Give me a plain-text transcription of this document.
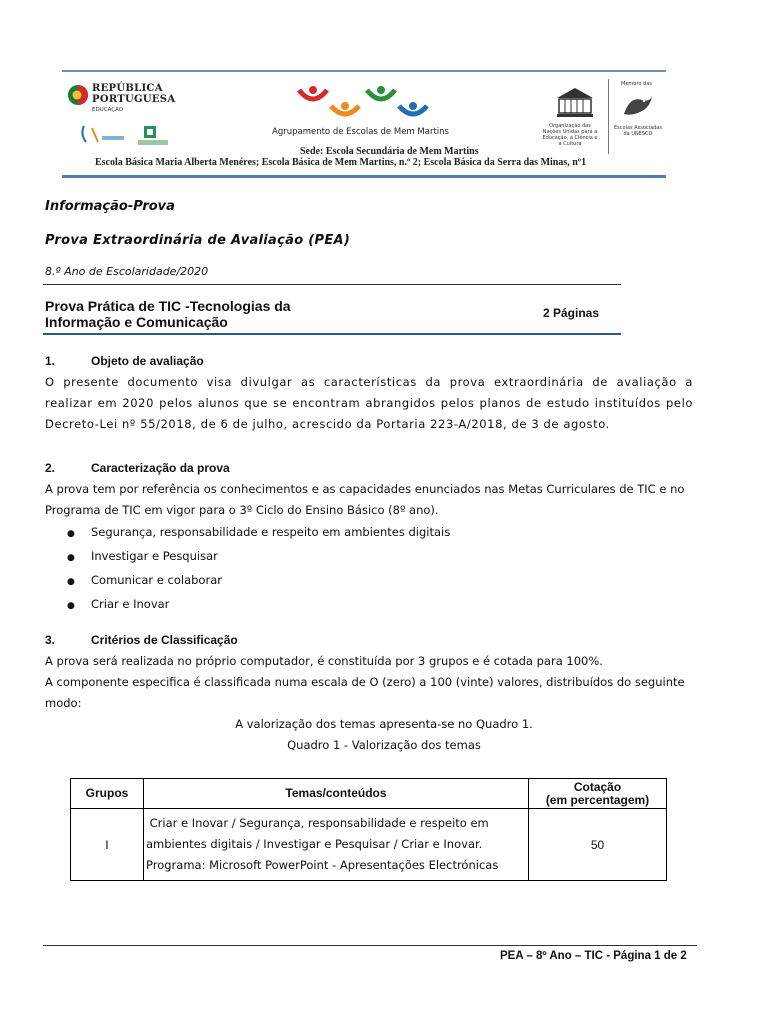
REPÚBLICA
PORTUGUESA
EDUCAÇÃO
Agrupamento de Escolas de Mem Martins
Sede: Escola Secundária de Mem Martins
Escola Básica Maria Alberta Menéres; Escola Básica de Mem Martins, n.º 2; Escola Básica da Serra das Minas, nº1
Organização das Nações Unidas para a Educação, a Ciência e a Cultura
Membro das
Escolas Associadas da UNESCO
Informação-Prova
Prova Extraordinária de Avaliação (PEA)
8.º Ano de Escolaridade/2020
Prova Prática de TIC -Tecnologias da Informação e Comunicação
2 Páginas
1.	Objeto de avaliação
O presente documento visa divulgar as características da prova extraordinária de avaliação a
realizar em 2020 pelos alunos que se encontram abrangidos pelos planos de estudo instituídos pelo
Decreto-Lei nº 55/2018, de 6 de julho, acrescido da Portaria 223-A/2018, de 3 de agosto.
2.	Caracterização da prova
A prova tem por referência os conhecimentos e as capacidades enunciados nas Metas Curriculares de TIC e no
Programa de TIC em vigor para o 3º Ciclo do Ensino Básico (8º ano).
● Segurança, responsabilidade e respeito em ambientes digitais
● Investigar e Pesquisar
● Comunicar e colaborar
● Criar e Inovar
3.	Critérios de Classificação
A prova será realizada no próprio computador, é constituída por 3 grupos e é cotada para 100%.
A componente especifica é classificada numa escala de O (zero) a 100 (vinte) valores, distribuídos do seguinte
modo:
A valorização dos temas apresenta-se no Quadro 1.
Quadro 1 - Valorização dos temas
Grupos	Temas/conteúdos	Cotação
(em percentagem)

I	Criar e Inovar / Segurança, responsabilidade e respeito em
ambientes digitais / Investigar e Pesquisar / Criar e Inovar.
Programa: Microsoft PowerPoint - Apresentações Electrónicas	50
PEA – 8º Ano – TIC - Página 1 de 2
